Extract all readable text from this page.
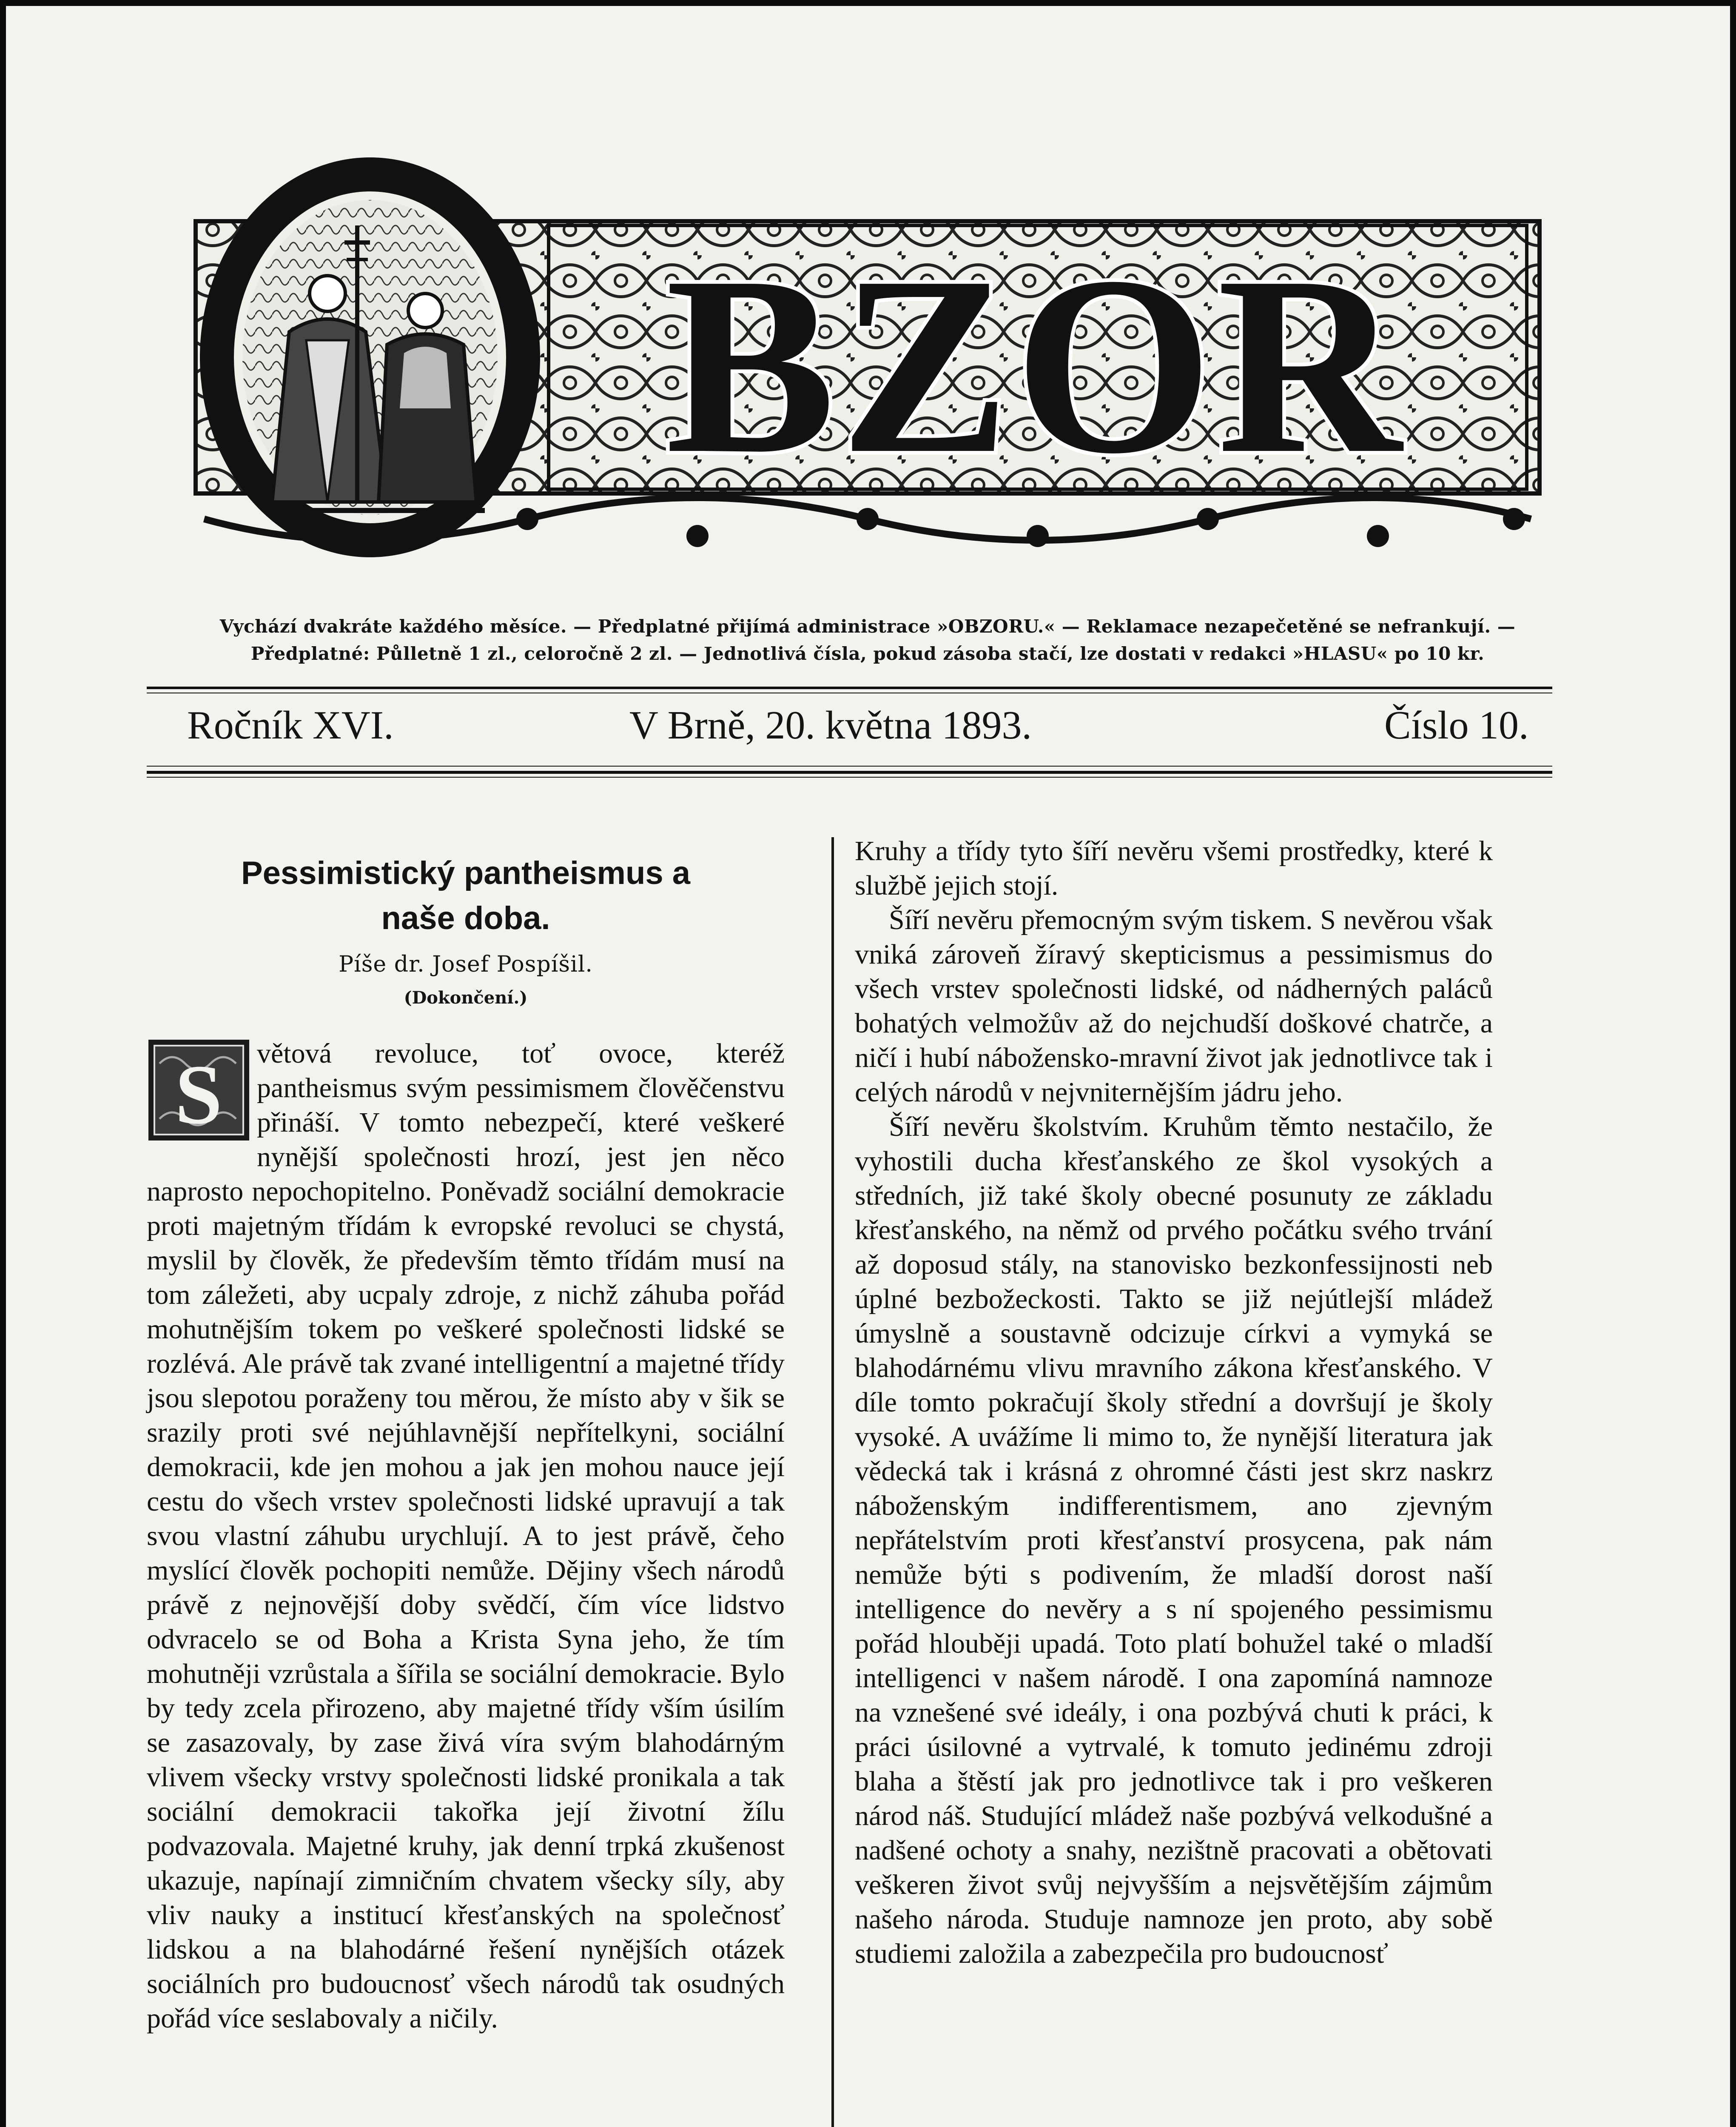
BZOR
Vychází dvakráte každého měsíce. — Předplatné přijímá administrace »OBZORU.« — Reklamace nezapečetěné se nefrankují. —
Předplatné: Půlletně 1 zl., celoročně 2 zl. — Jednotlivá čísla, pokud zásoba stačí, lze dostati v redakci »HLASU« po 10 kr.
Ročník XVI.	V Brně, 20. května 1893.	Číslo 10.
Pessimistický pantheismus a
naše doba.
Píše dr. Josef Pospíšil.
(Dokončení.)
S	větová revoluce, toť ovoce, kteréž pantheismus svým pessimismem člověčenstvu přináší. V tomto nebezpečí, které veškeré nynější společnosti hrozí, jest jen něco naprosto nepochopitelno. Poněvadž sociální demokracie proti majetným třídám k evropské revoluci se chystá, myslil by člověk, že především těmto třídám musí na tom záležeti, aby ucpaly zdroje, z nichž záhuba pořád mohutnějším tokem po veškeré společnosti lidské se rozlévá. Ale právě tak zvané intelligentní a majetné třídy jsou slepotou poraženy tou měrou, že místo aby v šik se srazily proti své nejúhlavnější nepřítelkyni, sociální demokracii, kde jen mohou a jak jen mohou nauce její cestu do všech vrstev společnosti lidské upravují a tak svou vlastní záhubu urychlují. A to jest právě, čeho myslící člověk pochopiti nemůže. Dějiny všech národů právě z nejnovější doby svědčí, čím více lidstvo odvracelo se od Boha a Krista Syna jeho, že tím mohutněji vzrůstala a šířila se sociální demokracie. Bylo by tedy zcela přirozeno, aby majetné třídy vším úsilím se zasazovaly, by zase živá víra svým blahodárným vlivem všecky vrstvy společnosti lidské pronikala a tak sociální demokracii takořka její životní žílu podvazovala. Majetné kruhy, jak denní trpká zkušenost ukazuje, napínají zimničním chvatem všecky síly, aby vliv nauky a institucí křesťanských na společnosť lidskou a na blahodárné řešení nynějších otázek sociálních pro budoucnosť všech národů tak osudných pořád více seslabovaly a ničily.

Kruhy a třídy tyto šíří nevěru všemi prostředky, které k službě jejich stojí.

Šíří nevěru přemocným svým tiskem. S nevěrou však vniká zároveň žíravý skepticismus a pessimismus do všech vrstev společnosti lidské, od nádherných paláců bohatých velmožův až do nejchudší doškové chatrče, a ničí i hubí nábožensko-mravní život jak jednotlivce tak i celých národů v nejvniternějším jádru jeho.

Šíří nevěru školstvím. Kruhům těmto nestačilo, že vyhostili ducha křesťanského ze škol vysokých a středních, již také školy obecné posunuty ze základu křesťanského, na němž od prvého počátku svého trvání až doposud stály, na stanovisko bezkonfessijnosti neb úplné bezbožeckosti. Takto se již nejútlejší mládež úmyslně a soustavně odcizuje církvi a vymyká se blahodárnému vlivu mravního zákona křesťanského. V díle tomto pokračují školy střední a dovršují je školy vysoké. A uvážíme li mimo to, že nynější literatura jak vědecká tak i krásná z ohromné části jest skrz naskrz náboženským indifferentismem, ano zjevným nepřátelstvím proti křesťanství prosycena, pak nám nemůže býti s podivením, že mladší dorost naší intelligence do nevěry a s ní spojeného pessimismu pořád hlouběji upadá. Toto platí bohužel také o mladší intelligenci v našem národě. I ona zapomíná namnoze na vznešené své ideály, i ona pozbývá chuti k práci, k práci úsilovné a vytrvalé, k tomuto jedinému zdroji blaha a štěstí jak pro jednotlivce tak i pro veškeren národ náš. Studující mládež naše pozbývá velkodušné a nadšené ochoty a snahy, nezištně pracovati a obětovati veškeren život svůj nejvyšším a nejsvětějším zájmům našeho národa. Studuje namnoze jen proto, aby sobě studiemi založila a zabezpečila pro budoucnosť
